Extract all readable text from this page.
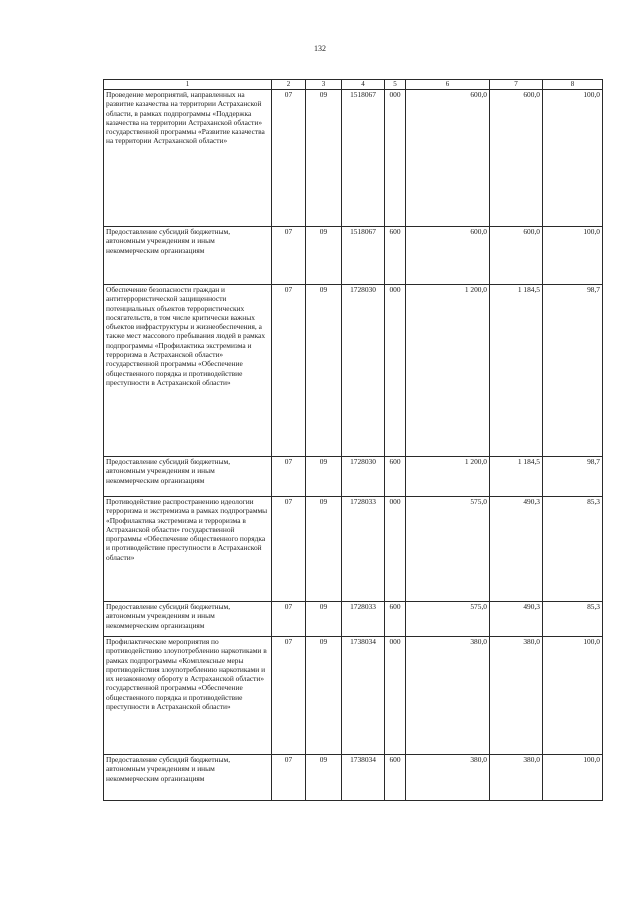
132
1	2	3	4	5	6	7	8
Проведение мероприятий, направленных на развитие казачества на территории Астраханской области, в рамках подпрограммы «Поддержка казачества на территории Астраханской области» государственной программы «Развитие казачества на территории Астраханской области»	07	09	1518067	000	600,0	600,0	100,0
Предоставление субсидий бюджетным, автономным учреждениям и иным некоммерческим организациям	07	09	1518067	600	600,0	600,0	100,0
Обеспечение безопасности граждан и антитеррористической защищенности потенциальных объектов террористических посягательств, в том числе критически важных объектов инфраструктуры и жизнеобеспечения, а также мест массового пребывания людей в рамках подпрограммы «Профилактика экстремизма и терроризма в Астраханской области» государственной программы «Обеспечение общественного порядка и противодействие преступности в Астраханской области»	07	09	1728030	000	1 200,0	1 184,5	98,7
Предоставление субсидий бюджетным, автономным учреждениям и иным некоммерческим организациям	07	09	1728030	600	1 200,0	1 184,5	98,7
Противодействие распространению идеологии терроризма и экстремизма в рамках подпрограммы «Профилактика экстремизма и терроризма в Астраханской области» государственной программы «Обеспечение общественного порядка и противодействие преступности в Астраханской области»	07	09	1728033	000	575,0	490,3	85,3
Предоставление субсидий бюджетным, автономным учреждениям и иным некоммерческим организациям	07	09	1728033	600	575,0	490,3	85,3
Профилактические мероприятия по противодействию злоупотреблению наркотиками в рамках подпрограммы «Комплексные меры противодействия злоупотреблению наркотиками и их незаконному обороту в Астраханской области» государственной программы «Обеспечение общественного порядка и противодействие преступности в Астраханской области»	07	09	1738034	000	380,0	380,0	100,0
Предоставление субсидий бюджетным, автономным учреждениям и иным некоммерческим организациям	07	09	1738034	600	380,0	380,0	100,0
